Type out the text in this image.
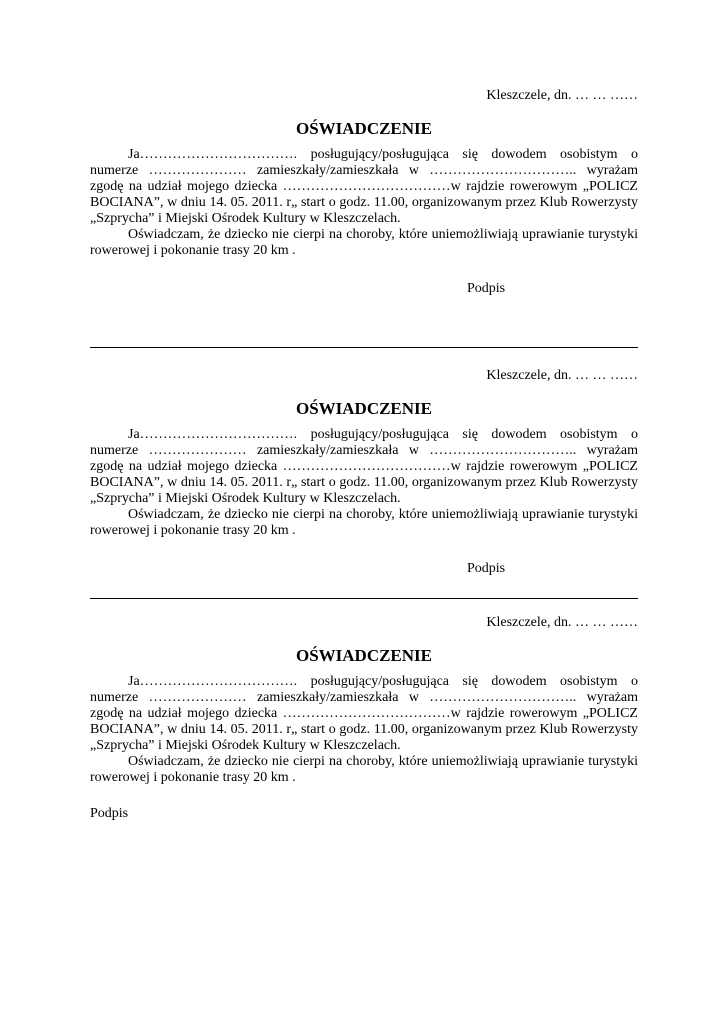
Kleszczele, dn. … … ……
OŚWIADCZENIE

Ja……………………………. posługujący/posługująca się dowodem osobistym o numerze ………………… zamieszkały/zamieszkała w ………………………….. wyrażam zgodę na udział mojego dziecka ………………………………w rajdzie rowerowym „POLICZ BOCIANA”, w dniu 14. 05. 2011. r„ start o godz. 11.00, organizowanym przez Klub Rowerzysty „Szprycha” i Miejski Ośrodek Kultury w Kleszczelach.

Oświadczam, że dziecko nie cierpi na choroby, które uniemożliwiają uprawianie turystyki rowerowej i pokonanie trasy 20 km .

Podpis
Kleszczele, dn. … … ……
OŚWIADCZENIE

Ja……………………………. posługujący/posługująca się dowodem osobistym o numerze ………………… zamieszkały/zamieszkała w ………………………….. wyrażam zgodę na udział mojego dziecka ………………………………w rajdzie rowerowym „POLICZ BOCIANA”, w dniu 14. 05. 2011. r„ start o godz. 11.00, organizowanym przez Klub Rowerzysty „Szprycha” i Miejski Ośrodek Kultury w Kleszczelach.

Oświadczam, że dziecko nie cierpi na choroby, które uniemożliwiają uprawianie turystyki rowerowej i pokonanie trasy 20 km .

Podpis
Kleszczele, dn. … … ……
OŚWIADCZENIE

Ja……………………………. posługujący/posługująca się dowodem osobistym o numerze ………………… zamieszkały/zamieszkała w ………………………….. wyrażam zgodę na udział mojego dziecka ………………………………w rajdzie rowerowym „POLICZ BOCIANA”, w dniu 14. 05. 2011. r„ start o godz. 11.00, organizowanym przez Klub Rowerzysty „Szprycha” i Miejski Ośrodek Kultury w Kleszczelach.

Oświadczam, że dziecko nie cierpi na choroby, które uniemożliwiają uprawianie turystyki rowerowej i pokonanie trasy 20 km .

Podpis
